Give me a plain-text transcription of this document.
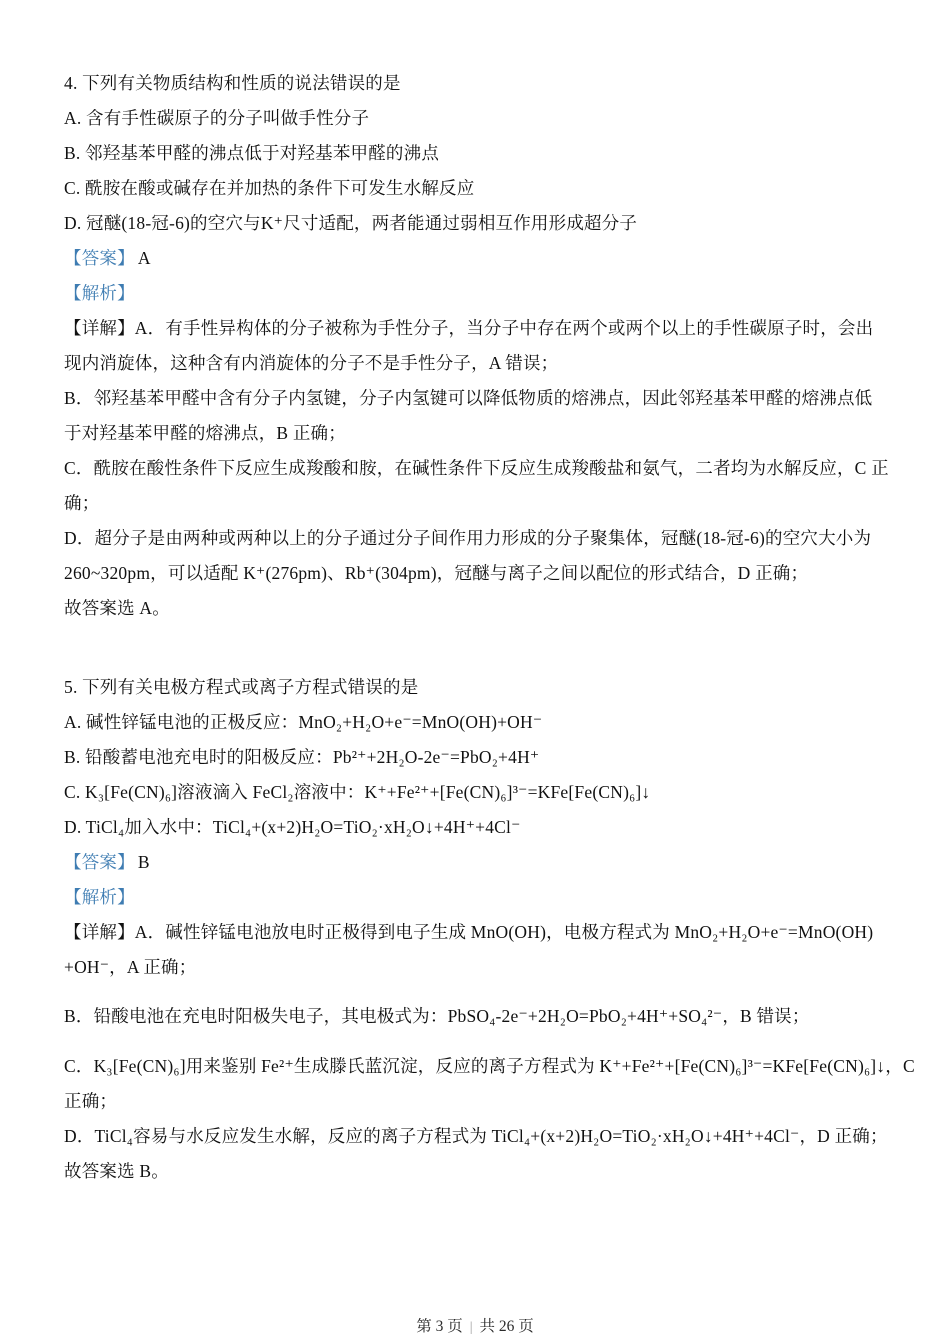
4. 下列有关物质结构和性质的说法错误的是
A. 含有手性碳原子的分子叫做手性分子
B. 邻羟基苯甲醛的沸点低于对羟基苯甲醛的沸点
C. 酰胺在酸或碱存在并加热的条件下可发生水解反应
D. 冠醚(18-冠-6)的空穴与K⁺尺寸适配，两者能通过弱相互作用形成超分子
【答案】 A
【解析】
【详解】A．有手性异构体的分子被称为手性分子，当分子中存在两个或两个以上的手性碳原子时，会出
现内消旋体，这种含有内消旋体的分子不是手性分子，A 错误；
B．邻羟基苯甲醛中含有分子内氢键，分子内氢键可以降低物质的熔沸点，因此邻羟基苯甲醛的熔沸点低
于对羟基苯甲醛的熔沸点，B 正确；
C．酰胺在酸性条件下反应生成羧酸和胺，在碱性条件下反应生成羧酸盐和氨气，二者均为水解反应，C 正
确；
D．超分子是由两种或两种以上的分子通过分子间作用力形成的分子聚集体，冠醚(18-冠-6)的空穴大小为
260~320pm，可以适配 K⁺(276pm)、Rb⁺(304pm)，冠醚与离子之间以配位的形式结合，D 正确；
故答案选 A。
5. 下列有关电极方程式或离子方程式错误的是
A. 碱性锌锰电池的正极反应：MnO₂+H₂O+e⁻=MnO(OH)+OH⁻
B. 铅酸蓄电池充电时的阳极反应：Pb²⁺+2H₂O-2e⁻=PbO₂+4H⁺
C. K₃[Fe(CN)₆]溶液滴入 FeCl₂溶液中：K⁺+Fe²⁺+[Fe(CN)₆]³⁻=KFe[Fe(CN)₆]↓
D. TiCl₄加入水中：TiCl₄+(x+2)H₂O=TiO₂·xH₂O↓+4H⁺+4Cl⁻
【答案】 B
【解析】
【详解】A．碱性锌锰电池放电时正极得到电子生成 MnO(OH)，电极方程式为 MnO₂+H₂O+e⁻=MnO(OH)
+OH⁻，A 正确；
B．铅酸电池在充电时阳极失电子，其电极式为：PbSO₄-2e⁻+2H₂O=PbO₂+4H⁺+SO₄²⁻，B 错误；
C．K₃[Fe(CN)₆]用来鉴别 Fe²⁺生成滕氏蓝沉淀，反应的离子方程式为 K⁺+Fe²⁺+[Fe(CN)₆]³⁻=KFe[Fe(CN)₆]↓，C
正确；
D．TiCl₄容易与水反应发生水解，反应的离子方程式为 TiCl₄+(x+2)H₂O=TiO₂·xH₂O↓+4H⁺+4Cl⁻，D 正确；
故答案选 B。
第 3 页 | 共 26 页
